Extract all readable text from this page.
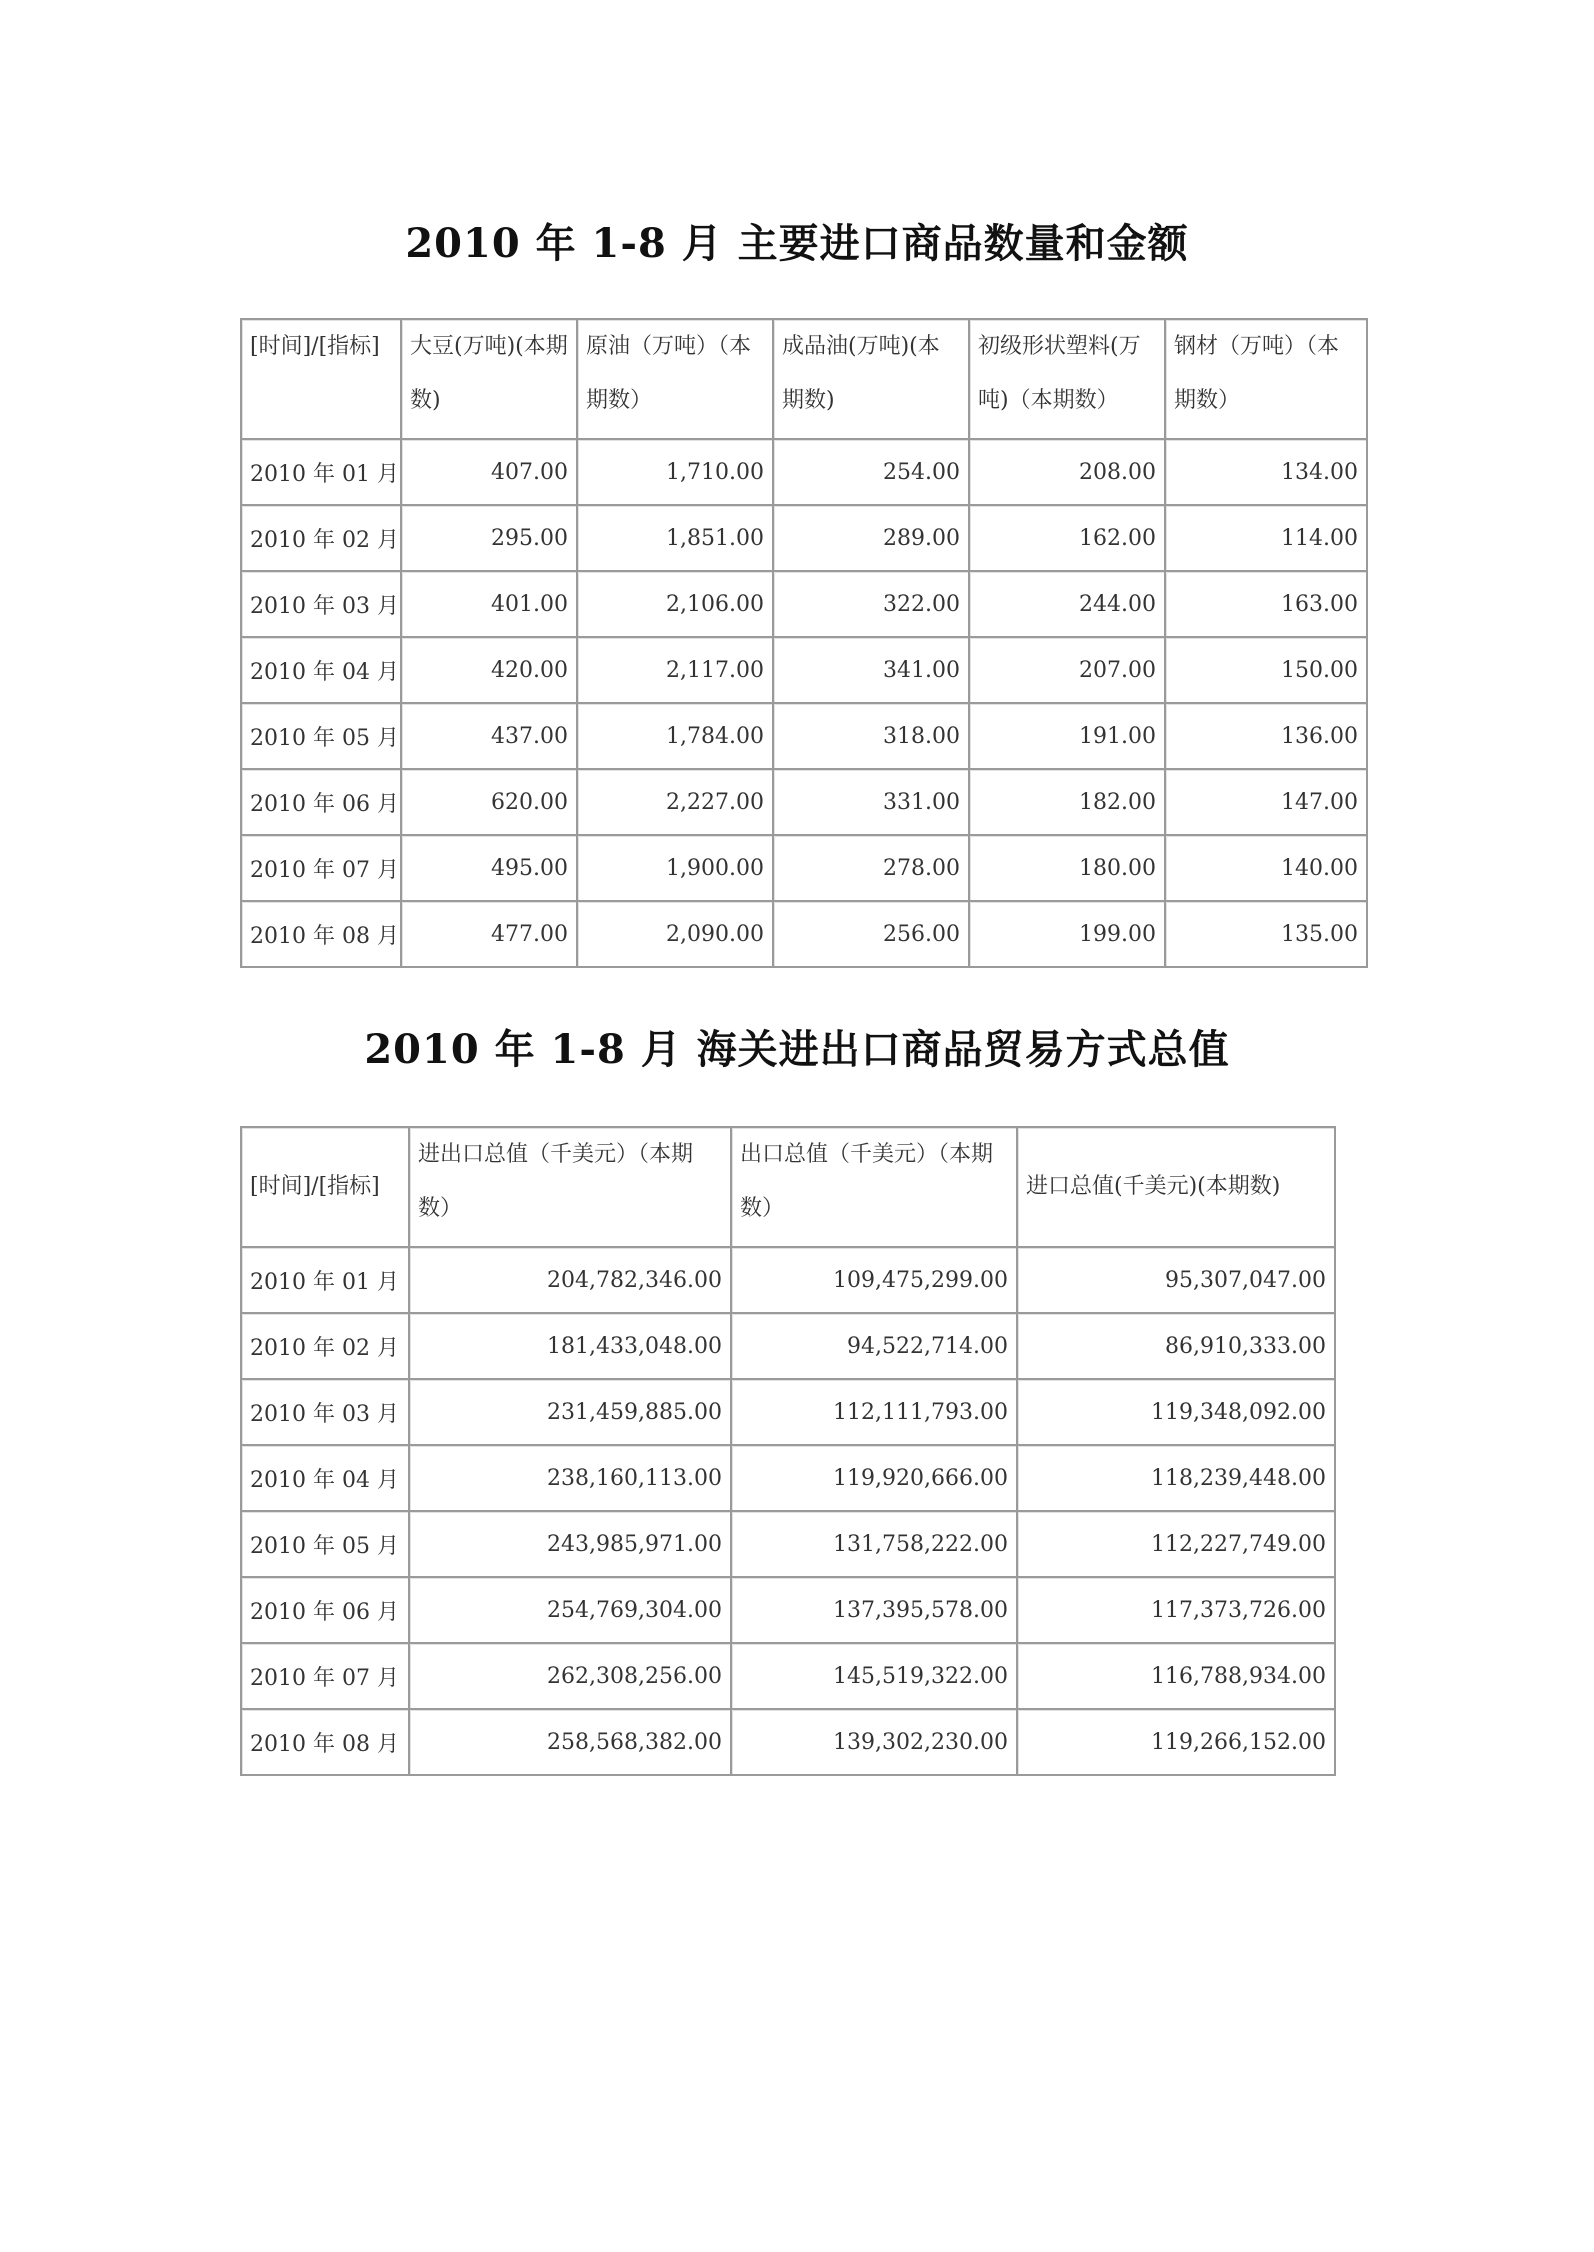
2010 年 1-8 月 主要进口商品数量和金额
[时间]/[指标]	大豆(万吨)(本期数)	原油（万吨）（本期数）	成品油(万吨)(本期数)	初级形状塑料(万吨)（本期数）	钢材（万吨）（本期数）
2010 年 01 月	407.00	1,710.00	254.00	208.00	134.00
2010 年 02 月	295.00	1,851.00	289.00	162.00	114.00
2010 年 03 月	401.00	2,106.00	322.00	244.00	163.00
2010 年 04 月	420.00	2,117.00	341.00	207.00	150.00
2010 年 05 月	437.00	1,784.00	318.00	191.00	136.00
2010 年 06 月	620.00	2,227.00	331.00	182.00	147.00
2010 年 07 月	495.00	1,900.00	278.00	180.00	140.00
2010 年 08 月	477.00	2,090.00	256.00	199.00	135.00
2010 年 1-8 月 海关进出口商品贸易方式总值
[时间]/[指标]	进出口总值（千美元）（本期数）	出口总值（千美元）（本期数）	进口总值(千美元)(本期数)
2010 年 01 月	204,782,346.00	109,475,299.00	95,307,047.00
2010 年 02 月	181,433,048.00	94,522,714.00	86,910,333.00
2010 年 03 月	231,459,885.00	112,111,793.00	119,348,092.00
2010 年 04 月	238,160,113.00	119,920,666.00	118,239,448.00
2010 年 05 月	243,985,971.00	131,758,222.00	112,227,749.00
2010 年 06 月	254,769,304.00	137,395,578.00	117,373,726.00
2010 年 07 月	262,308,256.00	145,519,322.00	116,788,934.00
2010 年 08 月	258,568,382.00	139,302,230.00	119,266,152.00
